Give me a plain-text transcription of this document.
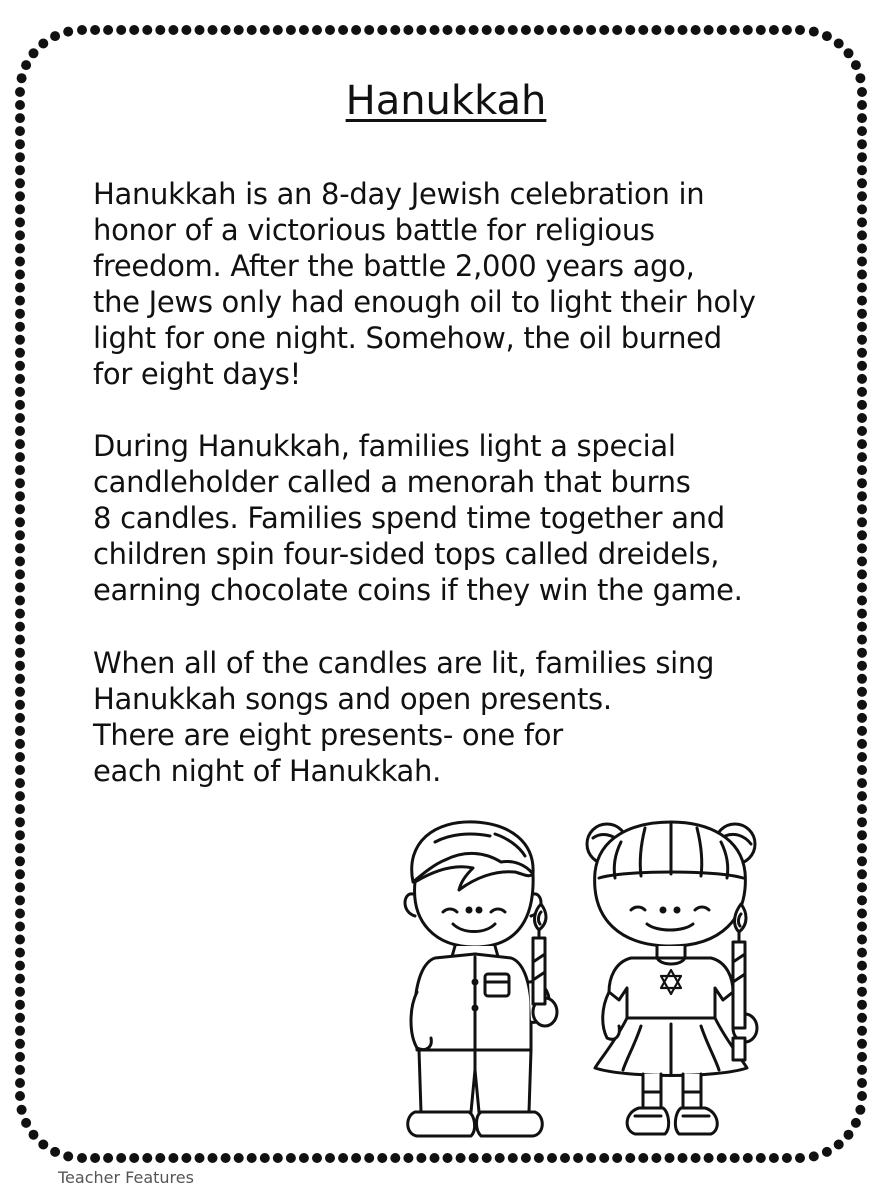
Hanukkah

Hanukkah is an 8-day Jewish celebration in
honor of a victorious battle for religious
freedom. After the battle 2,000 years ago,
the Jews only had enough oil to light their holy
light for one night. Somehow, the oil burned
for eight days!

During Hanukkah, families light a special
candleholder called a menorah that burns
8 candles. Families spend time together and
children spin four-sided tops called dreidels,
earning chocolate coins if they win the game.

When all of the candles are lit, families sing
Hanukkah songs and open presents.
There are eight presents- one for
each night of Hanukkah.

Teacher Features
